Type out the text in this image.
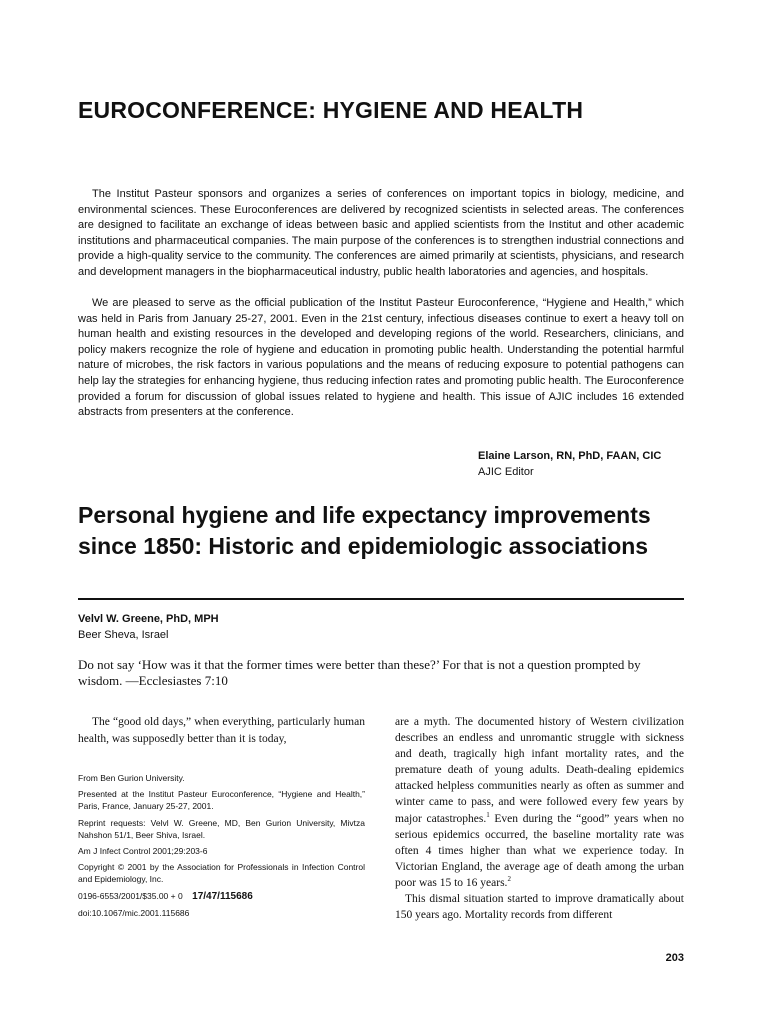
EUROCONFERENCE: HYGIENE AND HEALTH

The Institut Pasteur sponsors and organizes a series of conferences on important topics in biology, medicine, and environmental sciences. These Euroconferences are delivered by recognized scientists in selected areas. The conferences are designed to facilitate an exchange of ideas between basic and applied scientists from the Institut and other academic institutions and pharmaceutical companies. The main purpose of the conferences is to strengthen industrial connections and provide a high-quality service to the community. The conferences are aimed primarily at scientists, physicians, and research and development managers in the biopharmaceutical industry, public health laboratories and agencies, and hospitals.

We are pleased to serve as the official publication of the Institut Pasteur Euroconference, “Hygiene and Health,” which was held in Paris from January 25-27, 2001. Even in the 21st century, infectious diseases continue to exert a heavy toll on human health and existing resources in the developed and developing regions of the world. Researchers, clinicians, and policy makers recognize the role of hygiene and education in promoting public health. Understanding the potential harmful nature of microbes, the risk factors in various populations and the means of reducing exposure to potential pathogens can help lay the strategies for enhancing hygiene, thus reducing infection rates and promoting public health. The Euroconference provided a forum for discussion of global issues related to hygiene and health. This issue of AJIC includes 16 extended abstracts from presenters at the conference.

Elaine Larson, RN, PhD, FAAN, CIC
AJIC Editor
Personal hygiene and life expectancy improvements since 1850: Historic and epidemiologic associations
Velvl W. Greene, PhD, MPH
Beer Sheva, Israel

Do not say ‘How was it that the former times were better than these?’ For that is not a question prompted by wisdom. —Ecclesiastes 7:10

The “good old days,” when everything, particularly human health, was supposedly better than it is today,

From Ben Gurion University.

Presented at the Institut Pasteur Euroconference, “Hygiene and Health,” Paris, France, January 25-27, 2001.

Reprint requests: Velvl W. Greene, MD, Ben Gurion University, Mivtza Nahshon 51/1, Beer Shiva, Israel.

Am J Infect Control 2001;29:203-6

Copyright © 2001 by the Association for Professionals in Infection Control and Epidemiology, Inc.

0196-6553/2001/$35.00 + 0 17/47/115686

doi:10.1067/mic.2001.115686

are a myth. The documented history of Western civilization describes an endless and unromantic struggle with sickness and death, tragically high infant mortality rates, and the premature death of young adults. Death-dealing epidemics attacked helpless communities nearly as often as summer and winter came to pass, and were followed every few years by major catastrophes.$^1$ Even during the “good” years when no serious epidemics occurred, the baseline mortality rate was often 4 times higher than what we experience today. In Victorian England, the average age of death among the urban poor was 15 to 16 years.$^2$

This dismal situation started to improve dramatically about 150 years ago. Mortality records from different

203
